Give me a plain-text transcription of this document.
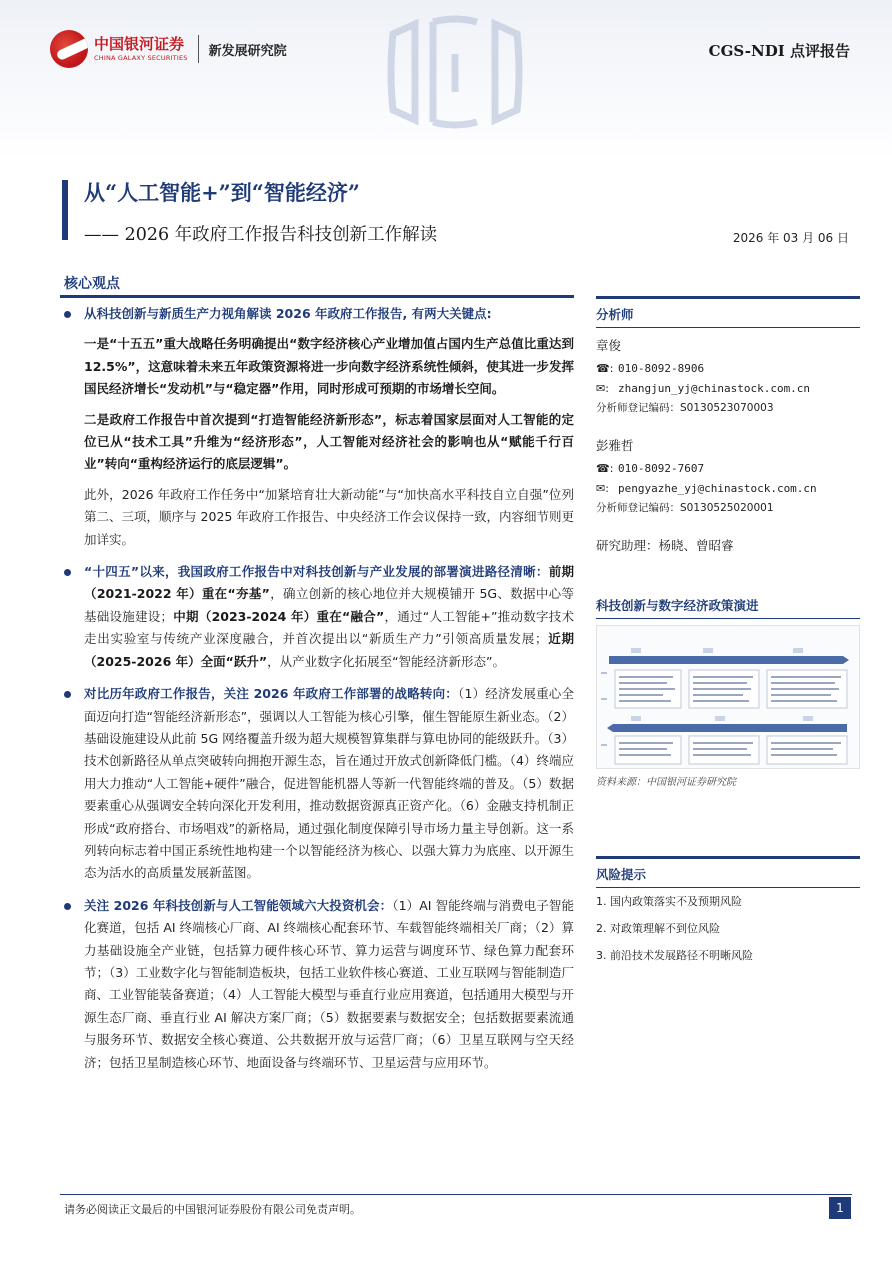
中国银河证券
CHINA GALAXY SECURITIES 新发展研究院	CGS-NDI 点评报告
从“人工智能+”到“智能经济”
—— 2026 年政府工作报告科技创新工作解读	2026 年 03 月 06 日
核心观点

从科技创新与新质生产力视角解读 2026 年政府工作报告, 有两大关键点:

一是“十五五”重大战略任务明确提出“数字经济核心产业增加值占国内生产总值比重达到 12.5%”，这意味着未来五年政策资源将进一步向数字经济系统性倾斜，使其进一步发挥国民经济增长“发动机”与“稳定器”作用，同时形成可预期的市场增长空间。

二是政府工作报告中首次提到“打造智能经济新形态”，标志着国家层面对人工智能的定位已从“技术工具”升维为“经济形态”，人工智能对经济社会的影响也从“赋能千行百业”转向“重构经济运行的底层逻辑”。

此外，2026 年政府工作任务中“加紧培育壮大新动能”与“加快高水平科技自立自强”位列第二、三项，顺序与 2025 年政府工作报告、中央经济工作会议保持一致，内容细节则更加详实。

“十四五”以来，我国政府工作报告中对科技创新与产业发展的部署演进路径清晰：前期（2021-2022 年）重在“夯基”，确立创新的核心地位并大规模铺开 5G、数据中心等基础设施建设；中期（2023-2024 年）重在“融合”，通过“人工智能+”推动数字技术走出实验室与传统产业深度融合，并首次提出以“新质生产力”引领高质量发展；近期（2025-2026 年）全面“跃升”，从产业数字化拓展至“智能经济新形态”。

对比历年政府工作报告，关注 2026 年政府工作部署的战略转向：（1）经济发展重心全面迈向打造“智能经济新形态”，强调以人工智能为核心引擎，催生智能原生新业态。（2）基础设施建设从此前 5G 网络覆盖升级为超大规模智算集群与算电协同的能级跃升。（3）技术创新路径从单点突破转向拥抱开源生态，旨在通过开放式创新降低门槛。（4）终端应用大力推动“人工智能+硬件”融合，促进智能机器人等新一代智能终端的普及。（5）数据要素重心从强调安全转向深化开发利用，推动数据资源真正资产化。（6）金融支持机制正形成“政府搭台、市场唱戏”的新格局，通过强化制度保障引导市场力量主导创新。这一系列转向标志着中国正系统性地构建一个以智能经济为核心、以强大算力为底座、以开源生态为活水的高质量发展新蓝图。

关注 2026 年科技创新与人工智能领域六大投资机会：（1）AI 智能终端与消费电子智能化赛道，包括 AI 终端核心厂商、AI 终端核心配套环节、车载智能终端相关厂商；（2）算力基础设施全产业链，包括算力硬件核心环节、算力运营与调度环节、绿色算力配套环节；（3）工业数字化与智能制造板块，包括工业软件核心赛道、工业互联网与智能制造厂商、工业智能装备赛道；（4）人工智能大模型与垂直行业应用赛道，包括通用大模型与开源生态厂商、垂直行业 AI 解决方案厂商；（5）数据要素与数据安全；包括数据要素流通与服务环节、数据安全核心赛道、公共数据开放与运营厂商；（6）卫星互联网与空天经济；包括卫星制造核心环节、地面设备与终端环节、卫星运营与应用环节。

分析师
章俊
☎: 010-8092-8906
✉: zhangjun_yj@chinastock.com.cn
分析师登记编码：S0130523070003
彭雅哲
☎: 010-8092-7607
✉: pengyazhe_yj@chinastock.com.cn
分析师登记编码：S0130525020001
研究助理：杨晓、曾昭睿
科技创新与数字经济政策演进
资料来源：中国银河证券研究院
风险提示
1. 国内政策落实不及预期风险
2. 对政策理解不到位风险
3. 前沿技术发展路径不明晰风险
请务必阅读正文最后的中国银河证券股份有限公司免责声明。	1
